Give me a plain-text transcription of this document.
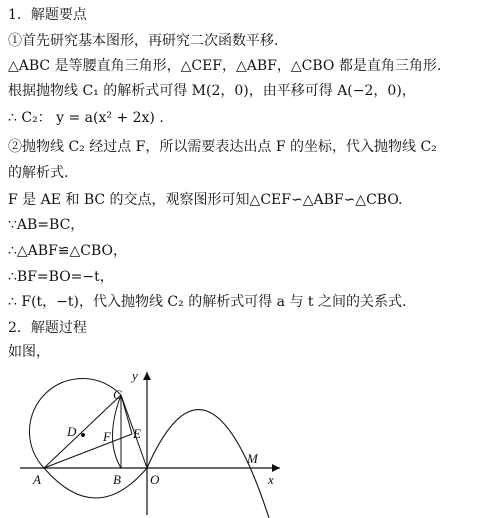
1．解题要点
①首先研究基本图形，再研究二次函数平移.
△ABC 是等腰直角三角形，△CEF，△ABF，△CBO 都是直角三角形.
根据抛物线 C₁ 的解析式可得 M(2，0)，由平移可得 A(−2，0)，
∴ C₂： y = a(x² + 2x) .
②抛物线 C₂ 经过点 F，所以需要表达出点 F 的坐标，代入抛物线 C₂
的解析式.
F 是 AE 和 BC 的交点，观察图形可知△CEF∽△ABF∽△CBO.
∵AB=BC，
∴△ABF≌△CBO，
∴BF=BO=−t，
∴ F(t，−t)，代入抛物线 C₂ 的解析式可得 a 与 t 之间的关系式.
2．解题过程
如图，
y
x
C
D F E
A	B O
M
